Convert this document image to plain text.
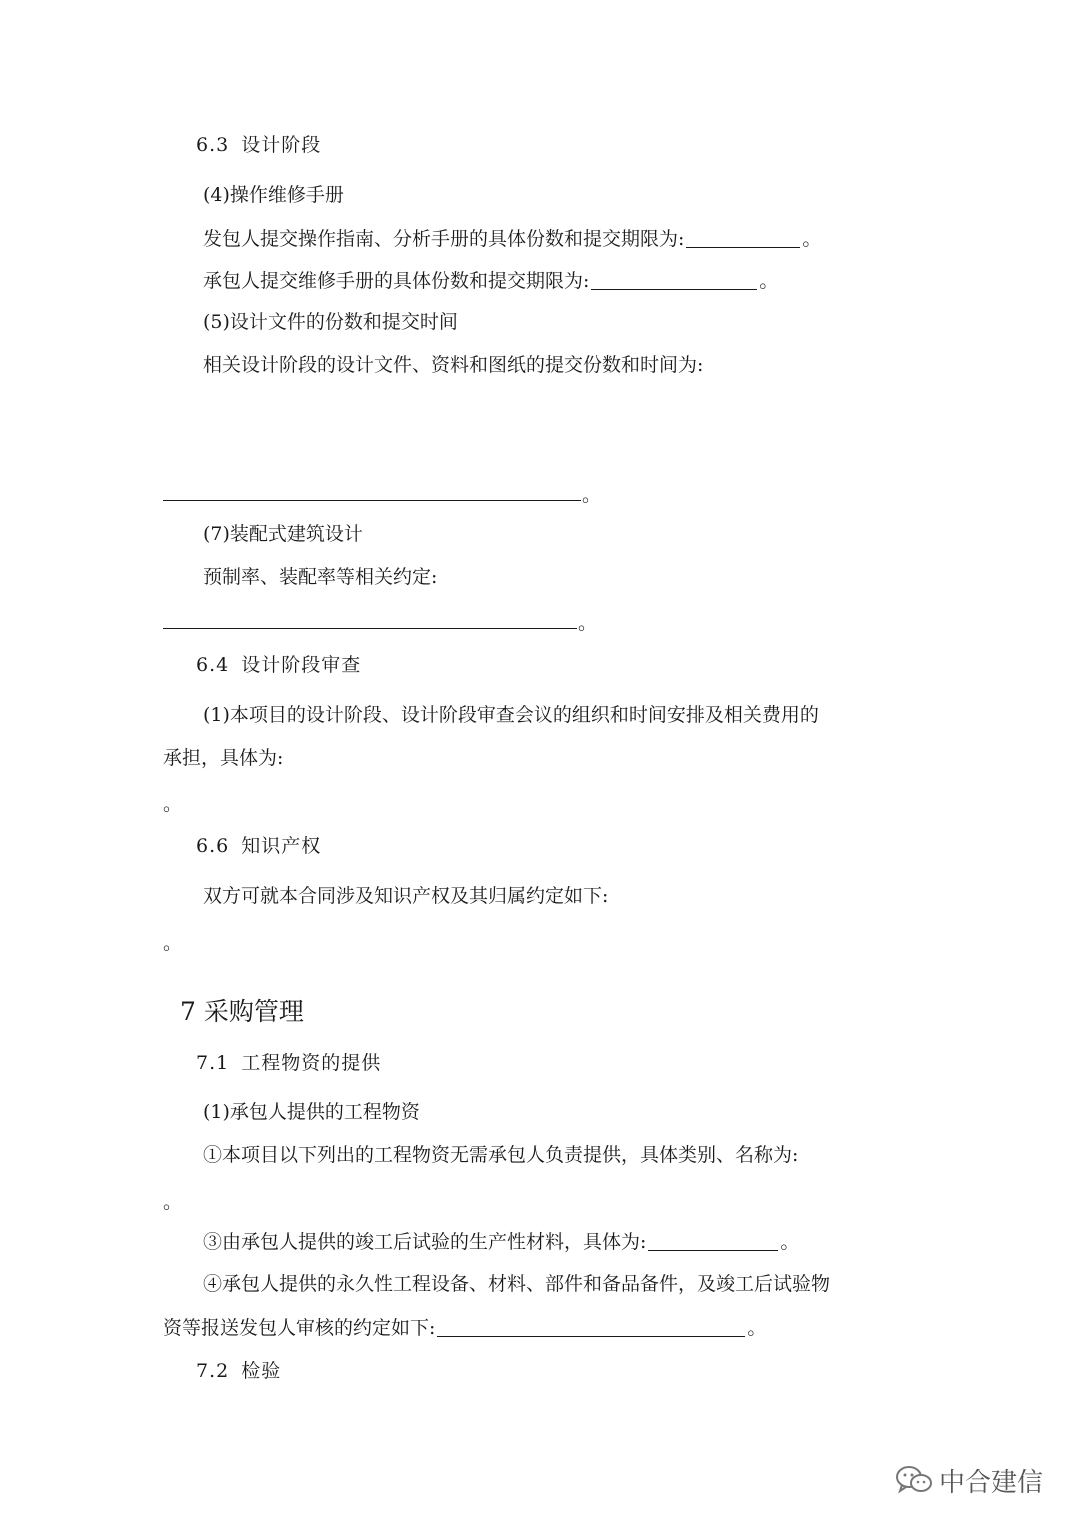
6.3 设计阶段
(4)操作维修手册
发包人提交操作指南、分析手册的具体份数和提交期限为:	。
承包人提交维修手册的具体份数和提交期限为:	。
(5)设计文件的份数和提交时间
相关设计阶段的设计文件、资料和图纸的提交份数和时间为:
。
(7)装配式建筑设计
预制率、装配率等相关约定:
。
6.4 设计阶段审查
(1)本项目的设计阶段、设计阶段审查会议的组织和时间安排及相关费用的
承担，具体为:
。
6.6 知识产权
双方可就本合同涉及知识产权及其归属约定如下:
。
7 采购管理
7.1 工程物资的提供
(1)承包人提供的工程物资
①本项目以下列出的工程物资无需承包人负责提供，具体类别、名称为:
。
③由承包人提供的竣工后试验的生产性材料，具体为:	。
④承包人提供的永久性工程设备、材料、部件和备品备件，及竣工后试验物
资等报送发包人审核的约定如下:	。
7.2 检验
中合建信
